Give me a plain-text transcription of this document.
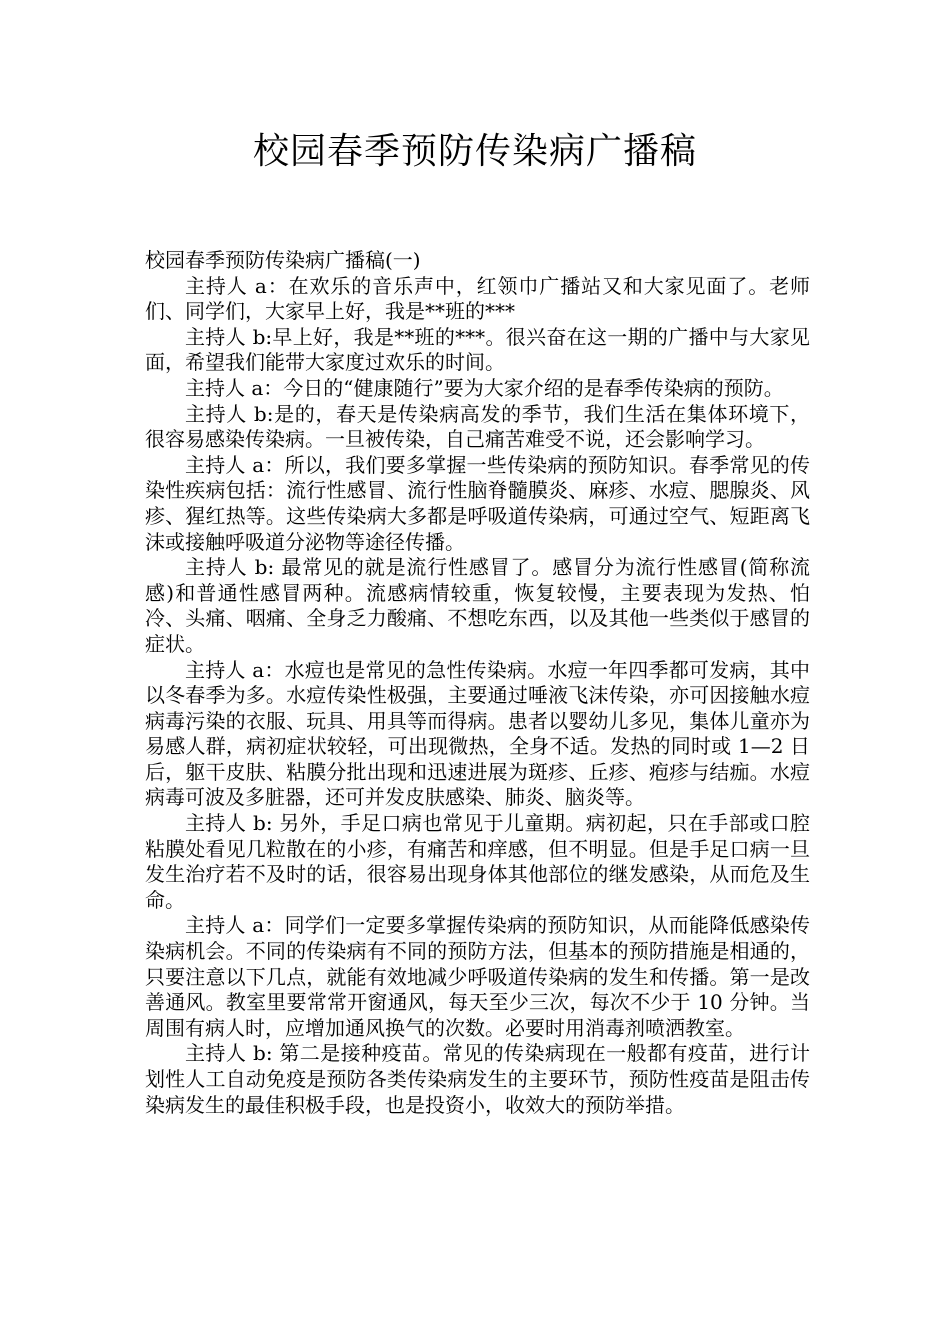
校园春季预防传染病广播稿

校园春季预防传染病广播稿(一)

主持人 a：在欢乐的音乐声中，红领巾广播站又和大家见面了。老师们、同学们，大家早上好，我是**班的***

主持人 b:早上好，我是**班的***。很兴奋在这一期的广播中与大家见面，希望我们能带大家度过欢乐的时间。

主持人 a：今日的“健康随行”要为大家介绍的是春季传染病的预防。

主持人 b:是的，春天是传染病高发的季节，我们生活在集体环境下，很容易感染传染病。一旦被传染，自己痛苦难受不说，还会影响学习。

主持人 a：所以，我们要多掌握一些传染病的预防知识。春季常见的传染性疾病包括：流行性感冒、流行性脑脊髓膜炎、麻疹、水痘、腮腺炎、风疹、猩红热等。这些传染病大多都是呼吸道传染病，可通过空气、短距离飞沫或接触呼吸道分泌物等途径传播。

主持人 b: 最常见的就是流行性感冒了。感冒分为流行性感冒(简称流感)和普通性感冒两种。流感病情较重，恢复较慢，主要表现为发热、怕冷、头痛、咽痛、全身乏力酸痛、不想吃东西，以及其他一些类似于感冒的症状。

主持人 a：水痘也是常见的急性传染病。水痘一年四季都可发病，其中以冬春季为多。水痘传染性极强，主要通过唾液飞沫传染，亦可因接触水痘病毒污染的衣服、玩具、用具等而得病。患者以婴幼儿多见，集体儿童亦为易感人群，病初症状较轻，可出现微热，全身不适。发热的同时或 1—2 日后，躯干皮肤、粘膜分批出现和迅速进展为斑疹、丘疹、疱疹与结痂。水痘病毒可波及多脏器，还可并发皮肤感染、肺炎、脑炎等。

主持人 b: 另外，手足口病也常见于儿童期。病初起，只在手部或口腔粘膜处看见几粒散在的小疹，有痛苦和痒感，但不明显。但是手足口病一旦发生治疗若不及时的话，很容易出现身体其他部位的继发感染，从而危及生命。

主持人 a：同学们一定要多掌握传染病的预防知识，从而能降低感染传染病机会。不同的传染病有不同的预防方法，但基本的预防措施是相通的，只要注意以下几点，就能有效地减少呼吸道传染病的发生和传播。第一是改善通风。教室里要常常开窗通风，每天至少三次，每次不少于 10 分钟。当周围有病人时，应增加通风换气的次数。必要时用消毒剂喷洒教室。

主持人 b: 第二是接种疫苗。常见的传染病现在一般都有疫苗，进行计划性人工自动免疫是预防各类传染病发生的主要环节，预防性疫苗是阻击传染病发生的最佳积极手段，也是投资小，收效大的预防举措。
